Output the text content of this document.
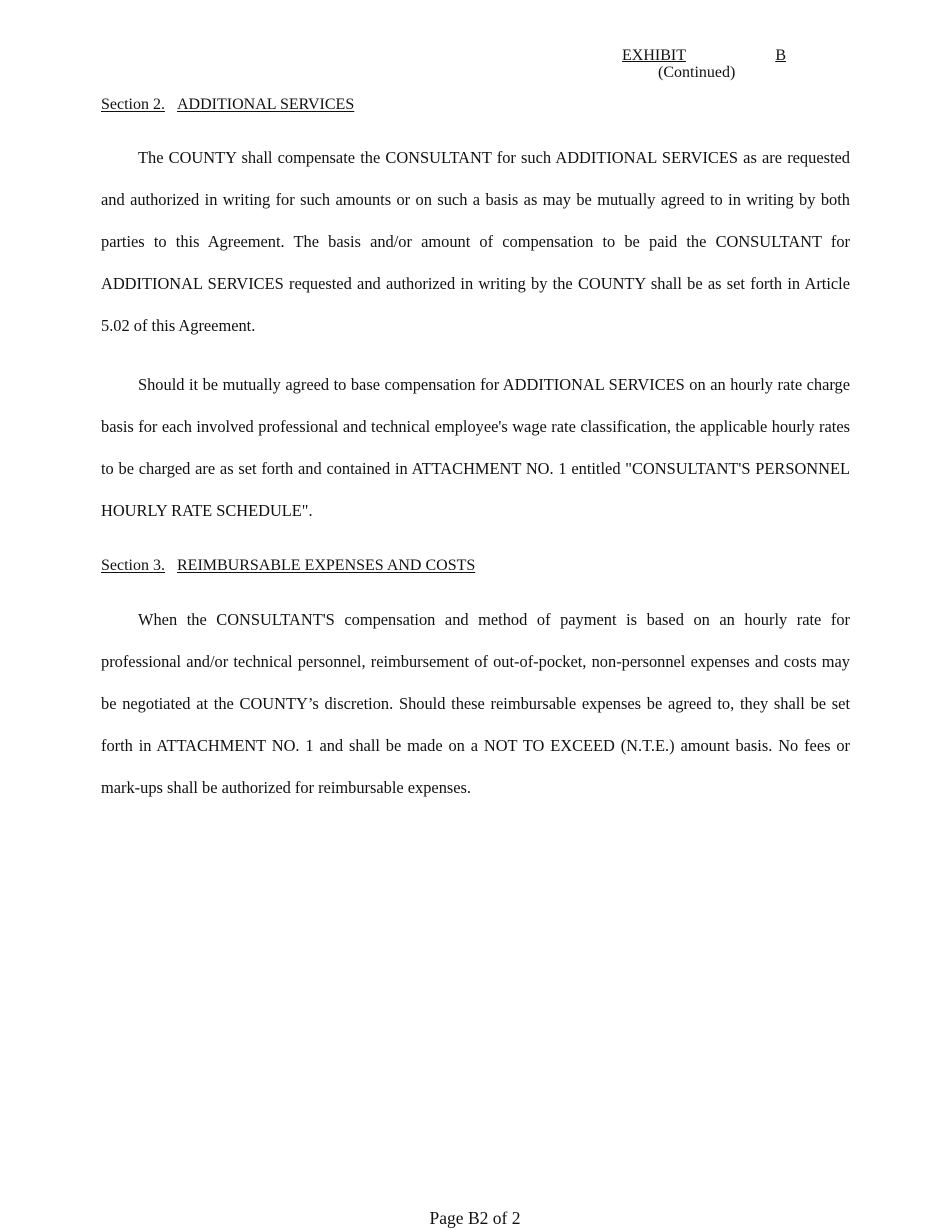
EXHIBIT	B
(Continued)
Section 2. ADDITIONAL SERVICES

The COUNTY shall compensate the CONSULTANT for such ADDITIONAL SERVICES as are requested and authorized in writing for such amounts or on such a basis as may be mutually agreed to in writing by both parties to this Agreement. The basis and/or amount of compensation to be paid the CONSULTANT for ADDITIONAL SERVICES requested and authorized in writing by the COUNTY shall be as set forth in Article 5.02 of this Agreement.

Should it be mutually agreed to base compensation for ADDITIONAL SERVICES on an hourly rate charge basis for each involved professional and technical employee's wage rate classification, the applicable hourly rates to be charged are as set forth and contained in ATTACHMENT NO. 1 entitled "CONSULTANT'S PERSONNEL HOURLY RATE SCHEDULE".

Section 3. REIMBURSABLE EXPENSES AND COSTS

When the CONSULTANT'S compensation and method of payment is based on an hourly rate for professional and/or technical personnel, reimbursement of out-of-pocket, non-personnel expenses and costs may be negotiated at the COUNTY’s discretion. Should these reimbursable expenses be agreed to, they shall be set forth in ATTACHMENT NO. 1 and shall be made on a NOT TO EXCEED (N.T.E.) amount basis. No fees or mark-ups shall be authorized for reimbursable expenses.

Page B2 of 2
